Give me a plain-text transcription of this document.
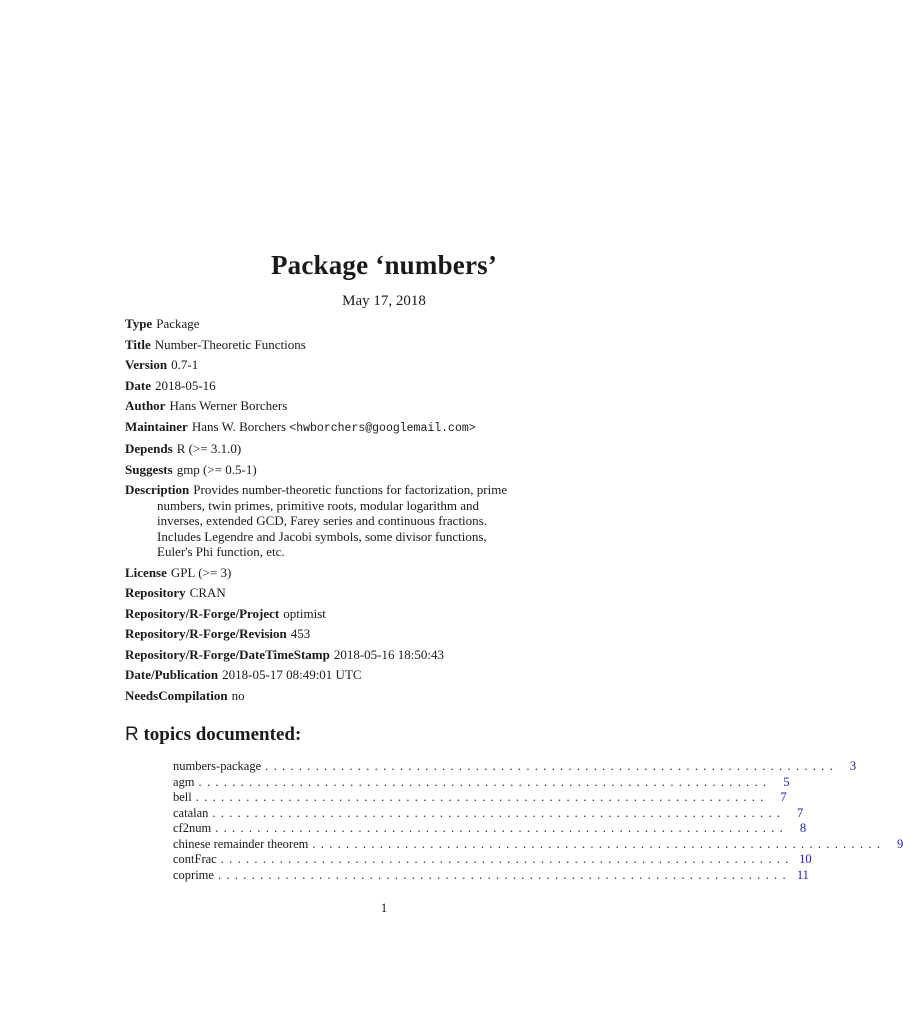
Package ‘numbers’
May 17, 2018
Type Package
Title Number-Theoretic Functions
Version 0.7-1
Date 2018-05-16
Author Hans Werner Borchers
Maintainer Hans W. Borchers <hwborchers@googlemail.com>
Depends R (>= 3.1.0)
Suggests gmp (>= 0.5-1)
Description Provides number-theoretic functions for factorization, prime
numbers, twin primes, primitive roots, modular logarithm and
inverses, extended GCD, Farey series and continuous fractions.
Includes Legendre and Jacobi symbols, some divisor functions,
Euler's Phi function, etc.
License GPL (>= 3)
Repository CRAN
Repository/R-Forge/Project optimist
Repository/R-Forge/Revision 453
Repository/R-Forge/DateTimeStamp 2018-05-16 18:50:43
Date/Publication 2018-05-17 08:49:01 UTC
NeedsCompilation no
R topics documented:
numbers-package .................................................................... 3
agm .................................................................... 5
bell .................................................................... 7
catalan .................................................................... 7
cf2num .................................................................... 8
chinese remainder theorem .................................................................... 9
contFrac .................................................................... 10
coprime .................................................................... 11
1
